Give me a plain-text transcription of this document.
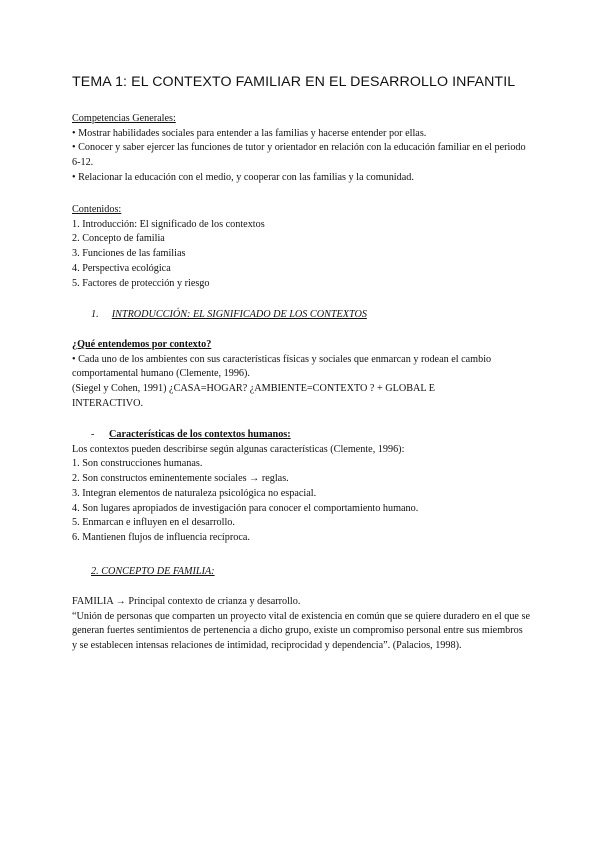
TEMA 1: EL CONTEXTO FAMILIAR EN EL DESARROLLO INFANTIL
Competencias Generales:
• Mostrar habilidades sociales para entender a las familias y hacerse entender por ellas.
• Conocer y saber ejercer las funciones de tutor y orientador en relación con la educación familiar en el periodo 6-12.
• Relacionar la educación con el medio, y cooperar con las familias y la comunidad.
Contenidos:
1. Introducción: El significado de los contextos
2. Concepto de familia
3. Funciones de las familias
4. Perspectiva ecológica
5. Factores de protección y riesgo
1. INTRODUCCIÓN: EL SIGNIFICADO DE LOS CONTEXTOS
¿Qué entendemos por contexto?
• Cada uno de los ambientes con sus características físicas y sociales que enmarcan y rodean el cambio comportamental humano (Clemente, 1996).
(Siegel y Cohen, 1991) ¿CASA=HOGAR? ¿AMBIENTE=CONTEXTO ? + GLOBAL E INTERACTIVO.
- Características de los contextos humanos:
Los contextos pueden describirse según algunas características (Clemente, 1996):
1. Son construcciones humanas.
2. Son constructos eminentemente sociales → reglas.
3. Integran elementos de naturaleza psicológica no espacial.
4. Son lugares apropiados de investigación para conocer el comportamiento humano.
5. Enmarcan e influyen en el desarrollo.
6. Mantienen flujos de influencia recíproca.
2. CONCEPTO DE FAMILIA:
FAMILIA → Principal contexto de crianza y desarrollo.
“Unión de personas que comparten un proyecto vital de existencia en común que se quiere duradero en el que se generan fuertes sentimientos de pertenencia a dicho grupo, existe un compromiso personal entre sus miembros y se establecen intensas relaciones de intimidad, reciprocidad y dependencia”. (Palacios, 1998).
